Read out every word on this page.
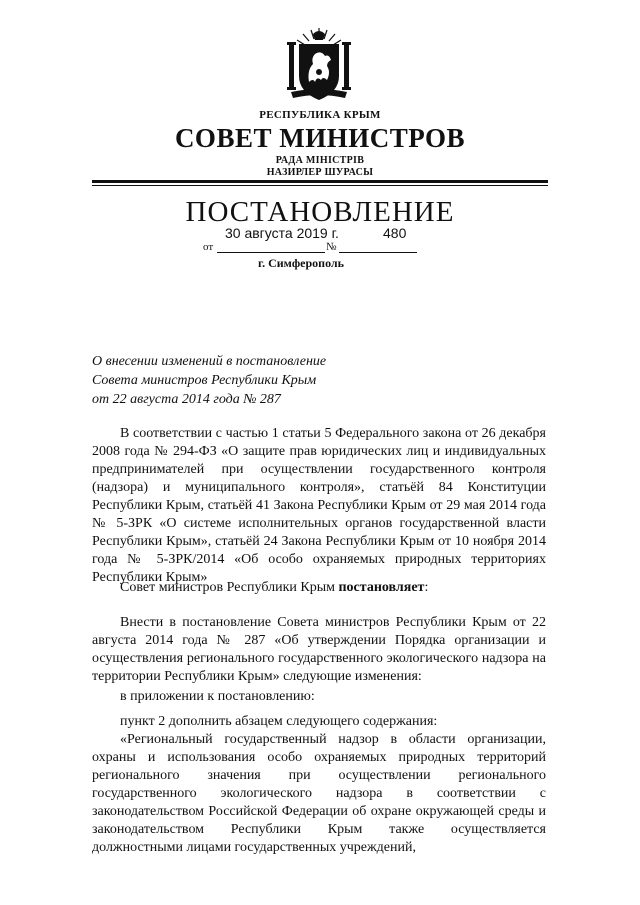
РЕСПУБЛИКА КРЫМ
СОВЕТ МИНИСТРОВ
РАДА МІНІСТРІВ
НАЗИРЛЕР ШУРАСЫ
ПОСТАНОВЛЕНИЕ
от
30 августа 2019 г.
№
480
г. Симферополь
О внесении изменений в постановление
Совета министров Республики Крым
от 22 августа 2014 года № 287
В соответствии с частью 1 статьи 5 Федерального закона от 26 декабря 2008 года № 294-ФЗ «О защите прав юридических лиц и индивидуальных предпринимателей при осуществлении государственного контроля (надзора) и муниципального контроля», статьёй 84 Конституции Республики Крым, статьёй 41 Закона Республики Крым от 29 мая 2014 года № 5-ЗРК «О системе исполнительных органов государственной власти Республики Крым», статьёй 24 Закона Республики Крым от 10 ноября 2014 года № 5-ЗРК/2014 «Об особо охраняемых природных территориях Республики Крым»
Совет министров Республики Крым постановляет:
Внести в постановление Совета министров Республики Крым от 22 августа 2014 года № 287 «Об утверждении Порядка организации и осуществления регионального государственного экологического надзора на территории Республики Крым» следующие изменения:
в приложении к постановлению:
пункт 2 дополнить абзацем следующего содержания:
«Региональный государственный надзор в области организации, охраны и использования особо охраняемых природных территорий регионального значения при осуществлении регионального государственного экологического надзора в соответствии с законодательством Российской Федерации об охране окружающей среды и законодательством Республики Крым также осуществляется должностными лицами государственных учреждений,
